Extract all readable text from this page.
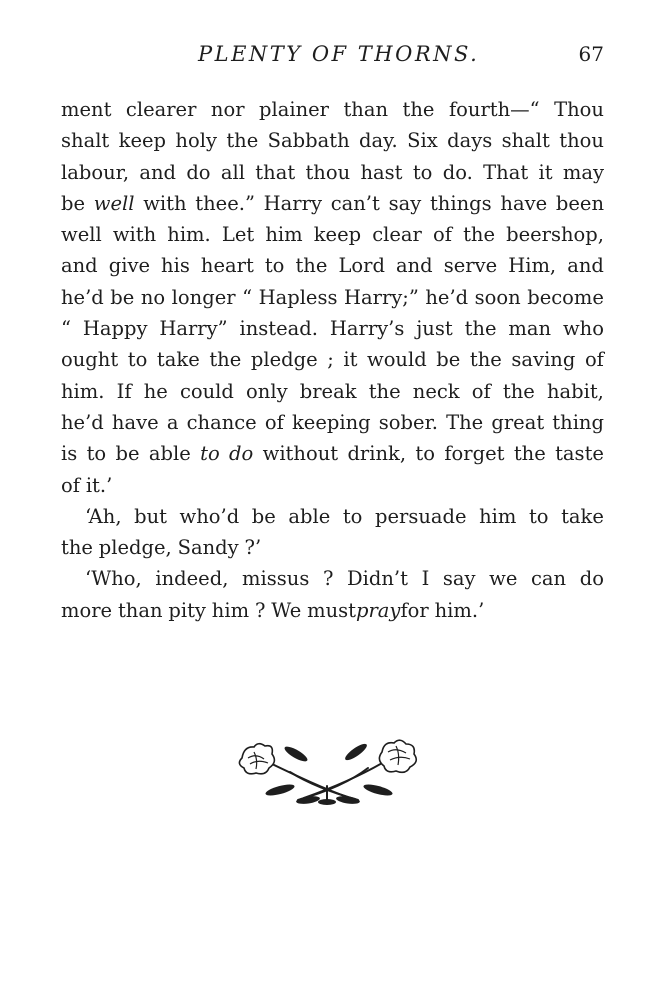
PLENTY OF THORNS.	67
ment clearer nor plainer than the fourth—“ Thou
shalt keep holy the Sabbath day. Six days shalt thou
labour, and do all that thou hast to do. That it may
be well with thee.” Harry can’t say things have been
well with him. Let him keep clear of the beershop,
and give his heart to the Lord and serve Him, and
he’d be no longer “ Hapless Harry;” he’d soon become
“ Happy Harry” instead. Harry’s just the man who
ought to take the pledge ; it would be the saving of
him. If he could only break the neck of the habit,
he’d have a chance of keeping sober. The great thing
is to be able to do without drink, to forget the taste
of it.’
‘Ah, but who’d be able to persuade him to take
the pledge, Sandy ?’
‘Who, indeed, missus ? Didn’t I say we can do
more than pity him ? We must pray for him.’
